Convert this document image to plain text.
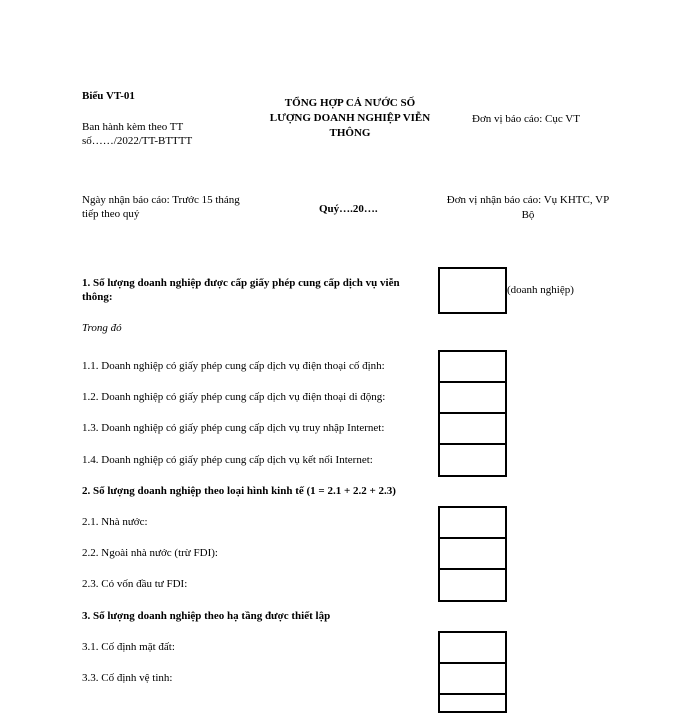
Biểu VT-01
Ban hành kèm theo TT
số……/2022/TT-BTTTT
TỔNG HỢP CẢ NƯỚC SỐ
LƯỢNG DOANH NGHIỆP VIỄN
THÔNG
Đơn vị báo cáo: Cục VT
Ngày nhận báo cáo: Trước 15 tháng
tiếp theo quý	Quý….20….
Đơn vị nhận báo cáo: Vụ KHTC, VP
Bộ
1. Số lượng doanh nghiệp được cấp giấy phép cung cấp dịch vụ viễn
thông:
(doanh nghiệp)
Trong đó
1.1. Doanh nghiệp có giấy phép cung cấp dịch vụ điện thoại cố định:
1.2. Doanh nghiệp có giấy phép cung cấp dịch vụ điện thoại di động:
1.3. Doanh nghiệp có giấy phép cung cấp dịch vụ truy nhập Internet:
1.4. Doanh nghiệp có giấy phép cung cấp dịch vụ kết nối Internet:
2. Số lượng doanh nghiệp theo loại hình kinh tế (1 = 2.1 + 2.2 + 2.3)
2.1. Nhà nước:
2.2. Ngoài nhà nước (trừ FDI):
2.3. Có vốn đầu tư FDI:
3. Số lượng doanh nghiệp theo hạ tầng được thiết lập
3.1. Cố định mặt đất:
3.3. Cố định vệ tinh:
